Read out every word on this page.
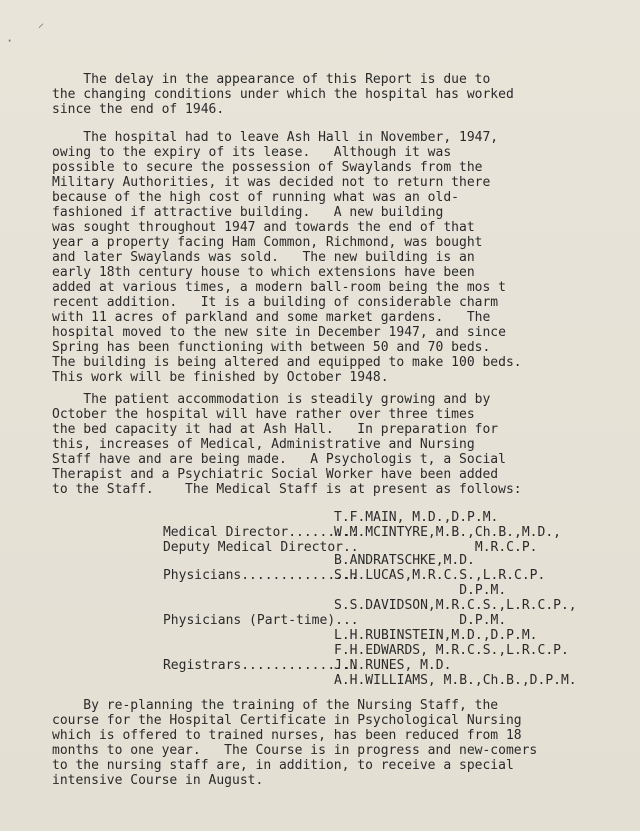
⸝
·
The delay in the appearance of this Report is due to
the changing conditions under which the hospital has worked
since the end of 1946.
The hospital had to leave Ash Hall in November, 1947,
owing to the expiry of its lease.   Although it was
possible to secure the possession of Swaylands from the
Military Authorities, it was decided not to return there
because of the high cost of running what was an old-
fashioned if attractive building.   A new building
was sought throughout 1947 and towards the end of that
year a property facing Ham Common, Richmond, was bought
and later Swaylands was sold.   The new building is an
early 18th century house to which extensions have been
added at various times, a modern ball-room being the mos t
recent addition.   It is a building of considerable charm
with 11 acres of parkland and some market gardens.   The
hospital moved to the new site in December 1947, and since
Spring has been functioning with between 50 and 70 beds.
The building is being altered and equipped to make 100 beds.
This work will be finished by October 1948.
The patient accommodation is steadily growing and by
October the hospital will have rather over three times
the bed capacity it had at Ash Hall.   In preparation for
this, increases of Medical, Administrative and Nursing
Staff have and are being made.   A Psychologis t, a Social
Therapist and a Psychiatric Social Worker have been added
to the Staff.    The Medical Staff is at present as follows:

Medical Director.........

T.F.MAIN, M.D.,D.P.M.

Deputy Medical Director..

W.M.MCINTYRE,M.B.,Ch.B.,M.D.,

M.R.C.P.

Physicians...............

B.ANDRATSCHKE,M.D.

S.H.LUCAS,M.R.C.S.,L.R.C.P.

D.P.M.

Physicians (Part-time)...

S.S.DAVIDSON,M.R.C.S.,L.R.C.P.,

D.P.M.

L.H.RUBINSTEIN,M.D.,D.P.M.

Registrars...............

F.H.EDWARDS, M.R.C.S.,L.R.C.P.

J.N.RUNES, M.D.

A.H.WILLIAMS, M.B.,Ch.B.,D.P.M.

By re-planning the training of the Nursing Staff, the
course for the Hospital Certificate in Psychological Nursing
which is offered to trained nurses, has been reduced from 18
months to one year.   The Course is in progress and new-comers
to the nursing staff are, in addition, to receive a special
intensive Course in August.
